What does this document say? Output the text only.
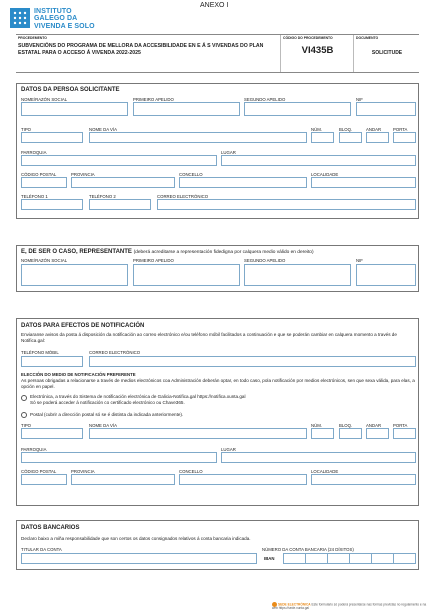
INSTITUTO
GALEGO DA
VIVENDA E SOLO
ANEXO I
PROCEDEMENTO
SUBVENCIÓNS DO PROGRAMA DE MELLORA DA ACCESIBILIDADE EN E Á S VIVENDAS DO PLAN ESTATAL PARA O ACCESO Á VIVENDA 2022-2025
CÓDIGO DO PROCEDEMENTO
VI435B
DOCUMENTO
SOLICITUDE
DATOS DA PERSOA SOLICITANTE
NOME/RAZÓN SOCIAL	PRIMEIRO APELIDO	SEGUNDO APELIDO	NIF
TIPO	NOME DA VÍA	NÚM.	BLOQ.	ANDAR	PORTA
PARROQUIA	LUGAR
CÓDIGO POSTAL	PROVINCIA	CONCELLO	LOCALIDADE
TELÉFONO 1	TELÉFONO 2	CORREO ELECTRÓNICO
E, DE SER O CASO, REPRESENTANTE (deberá acreditarse a representación fidedigna por calquera medio válido en dereito)
NOME/RAZÓN SOCIAL	PRIMEIRO APELIDO	SEGUNDO APELIDO	NIF
DATOS PARA EFECTOS DE NOTIFICACIÓN
Enviaranse avisos da posta á disposición da notificación ao correo electrónico e/ou teléfono móbil facilitados a continuación e que se poderán cambiar en calquera momento a través de Notifica.gal:
TELÉFONO MÓBIL	CORREO ELECTRÓNICO
ELECCIÓN DO MEDIO DE NOTIFICACIÓN PREFERENTE
As persoas obrigadas a relacionarse a través de medios electrónicos coa Administración deberán optar, en todo caso, pola notificación por medios electrónicos, sen que sexa válida, para elas, a opción en papel.
Electrónica, a través do Sistema de notificación electrónica de Galicia-Notifica.gal https://notifica.xunta.gal
Só se poderá acceder á notificación co certificado electrónico ou Chave365.
Postal (cubrir a dirección postal só se é distinta da indicada anteriormente).
TIPO	NOME DA VÍA	NÚM.	BLOQ.	ANDAR	PORTA
PARROQUIA	LUGAR
CÓDIGO POSTAL	PROVINCIA	CONCELLO	LOCALIDADE
DATOS BANCARIOS
Declaro baixo a miña responsabilidade que son certos os datos consignados relativos á conta bancaria indicada.
TITULAR DA CONTA	NÚMERO DA CONTA BANCARIA (24 DÍXITOS)
IBAN
SEDE ELECTRÓNICA Este formulario só poderá presentarse nas formas previstas no regulamento e na web https://sede.xunta.gal
